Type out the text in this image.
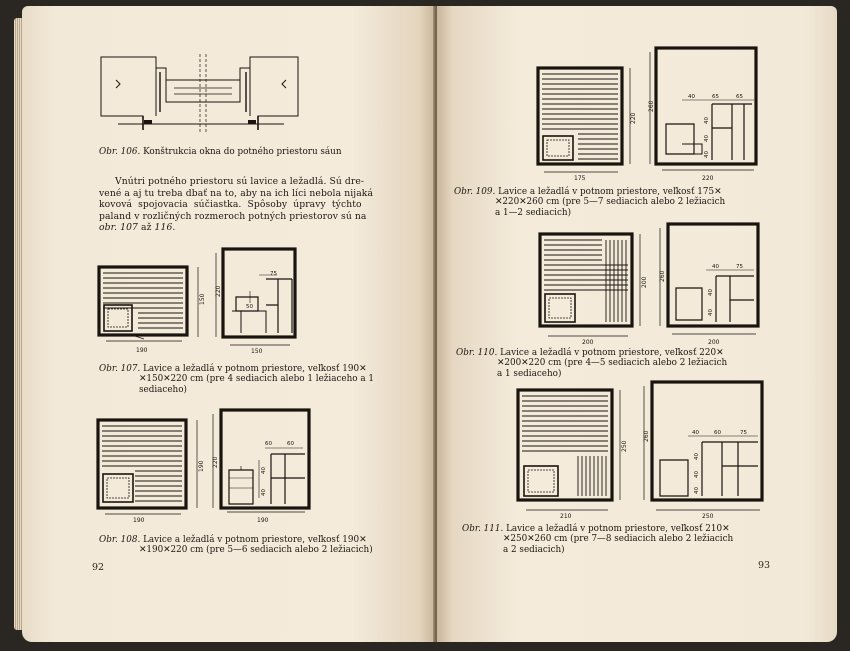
Obr. 106. Konštrukcia okna do potného priestoru sáun
Vnútri potného priestoru sú lavice a ležadlá. Sú dre-
vené a aj tu treba dbať na to, aby na ich líci nebola nijaká
kovová spojovacia súčiastka. Spôsoby úpravy týchto
paland v rozličných rozmeroch potných priestorov sú na
obr. 107 až 116.
190
150
220
150
75
50
Obr. 107. Lavice a ležadlá v potnom priestore, veľkosť 190✕
✕150✕220 cm (pre 4 sediacich alebo 1 ležiaceho a 1
sediaceho)
190
190 220
190
60	60
40
40
Obr. 108. Lavice a ležadlá v potnom priestore, veľkosť 190✕
✕190✕220 cm (pre 5—6 sediacich alebo 2 ležiacich)
92
175
220
260
220
40	65	65
40
40
40
Obr. 109. Lavice a ležadlá v potnom priestore, veľkosť 175✕
✕220✕260 cm (pre 5—7 sediacich alebo 2 ležiacich
a 1—2 sediacich)
200
200
260
200
40	75
40
40
Obr. 110. Lavice a ležadlá v potnom priestore, veľkosť 220✕
✕200✕220 cm (pre 4—5 sediacich alebo 2 ležiacich
a 1 sediaceho)
210
250
260
250
40	60	75
40
40
40
Obr. 111. Lavice a ležadlá v potnom priestore, veľkosť 210✕
✕250✕260 cm (pre 7—8 sediacich alebo 2 ležiacich
a 2 sediacich)
93
